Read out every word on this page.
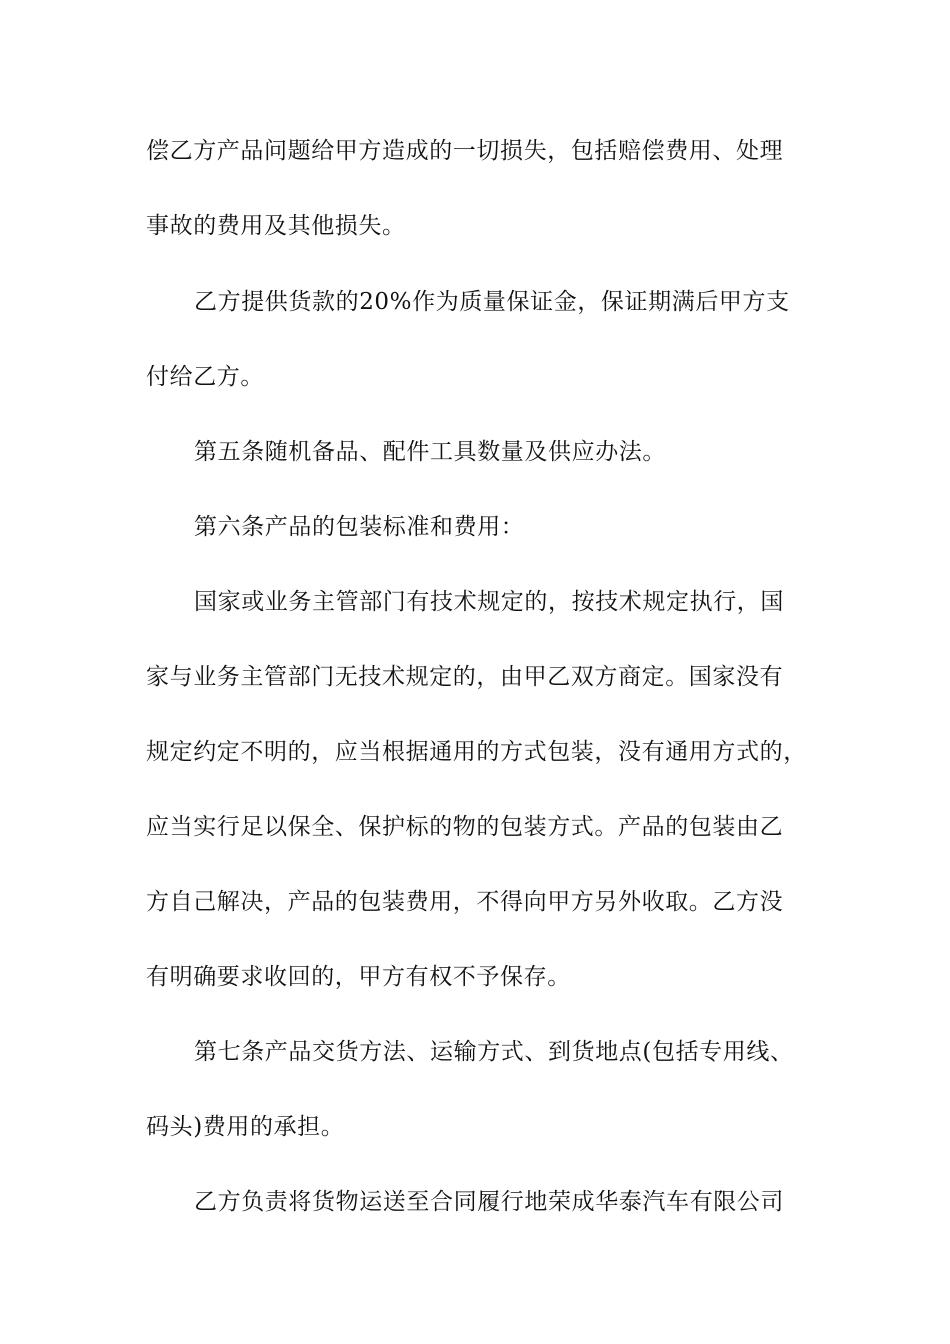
偿乙方产品问题给甲方造成的一切损失，包括赔偿费用、处理
事故的费用及其他损失。
乙方提供货款的20%作为质量保证金，保证期满后甲方支
付给乙方。
第五条随机备品、配件工具数量及供应办法。
第六条产品的包装标准和费用：
国家或业务主管部门有技术规定的，按技术规定执行，国
家与业务主管部门无技术规定的，由甲乙双方商定。国家没有
规定约定不明的，应当根据通用的方式包装，没有通用方式的，
应当实行足以保全、保护标的物的包装方式。产品的包装由乙
方自己解决，产品的包装费用，不得向甲方另外收取。乙方没
有明确要求收回的，甲方有权不予保存。
第七条产品交货方法、运输方式、到货地点(包括专用线、
码头)费用的承担。
乙方负责将货物运送至合同履行地荣成华泰汽车有限公司
